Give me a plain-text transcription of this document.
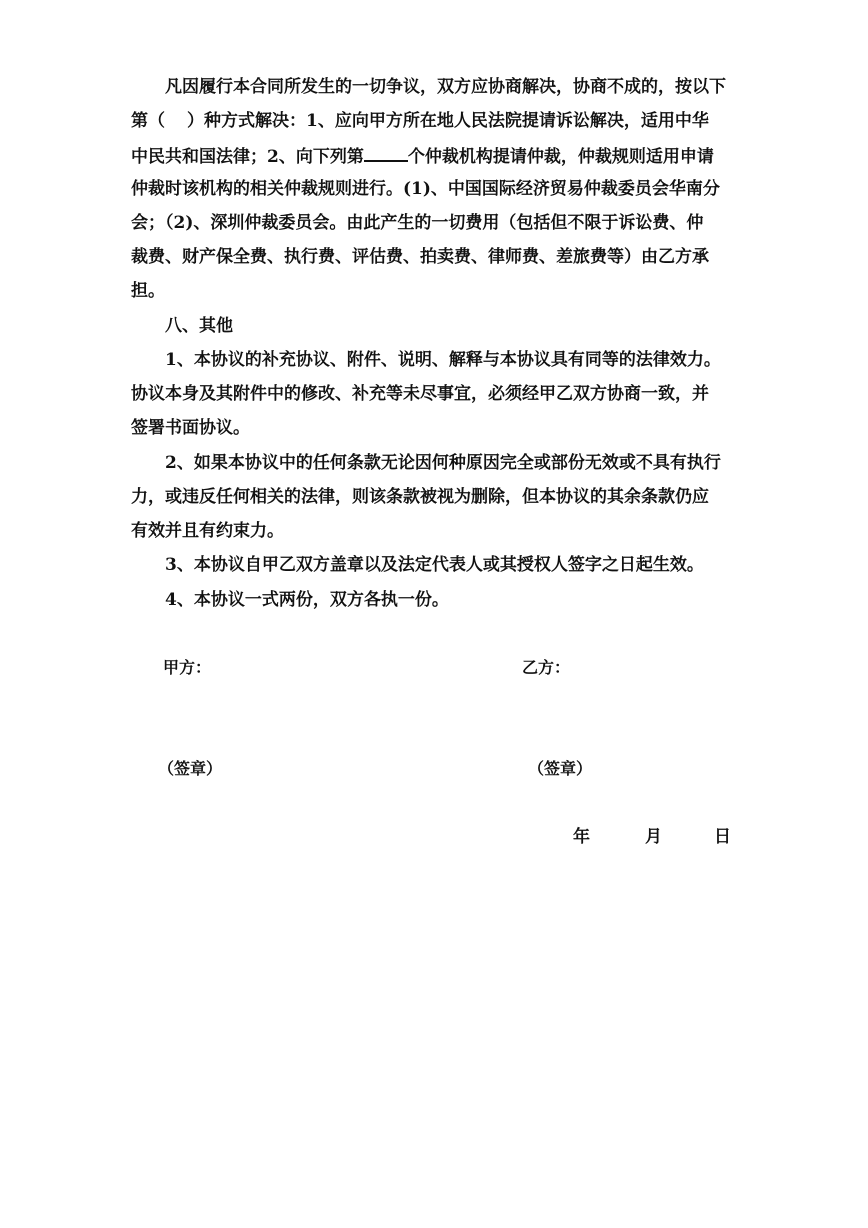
凡因履行本合同所发生的一切争议，双方应协商解决，协商不成的，按以下
第（ ）种方式解决：1、应向甲方所在地人民法院提请诉讼解决，适用中华
中民共和国法律；2、向下列第	个仲裁机构提请仲裁，仲裁规则适用申请
仲裁时该机构的相关仲裁规则进行。(1)、中国国际经济贸易仲裁委员会华南分
会；（2)、深圳仲裁委员会。由此产生的一切费用（包括但不限于诉讼费、仲
裁费、财产保全费、执行费、评估费、拍卖费、律师费、差旅费等）由乙方承
担。
八、其他
1、本协议的补充协议、附件、说明、解释与本协议具有同等的法律效力。
协议本身及其附件中的修改、补充等未尽事宜，必须经甲乙双方协商一致，并
签署书面协议。
2、如果本协议中的任何条款无论因何种原因完全或部份无效或不具有执行
力，或违反任何相关的法律，则该条款被视为删除，但本协议的其余条款仍应
有效并且有约束力。
3、本协议自甲乙双方盖章以及法定代表人或其授权人签字之日起生效。
4、本协议一式两份，双方各执一份。
甲方：	乙方：
（签章）	（签章）
年	月	日
